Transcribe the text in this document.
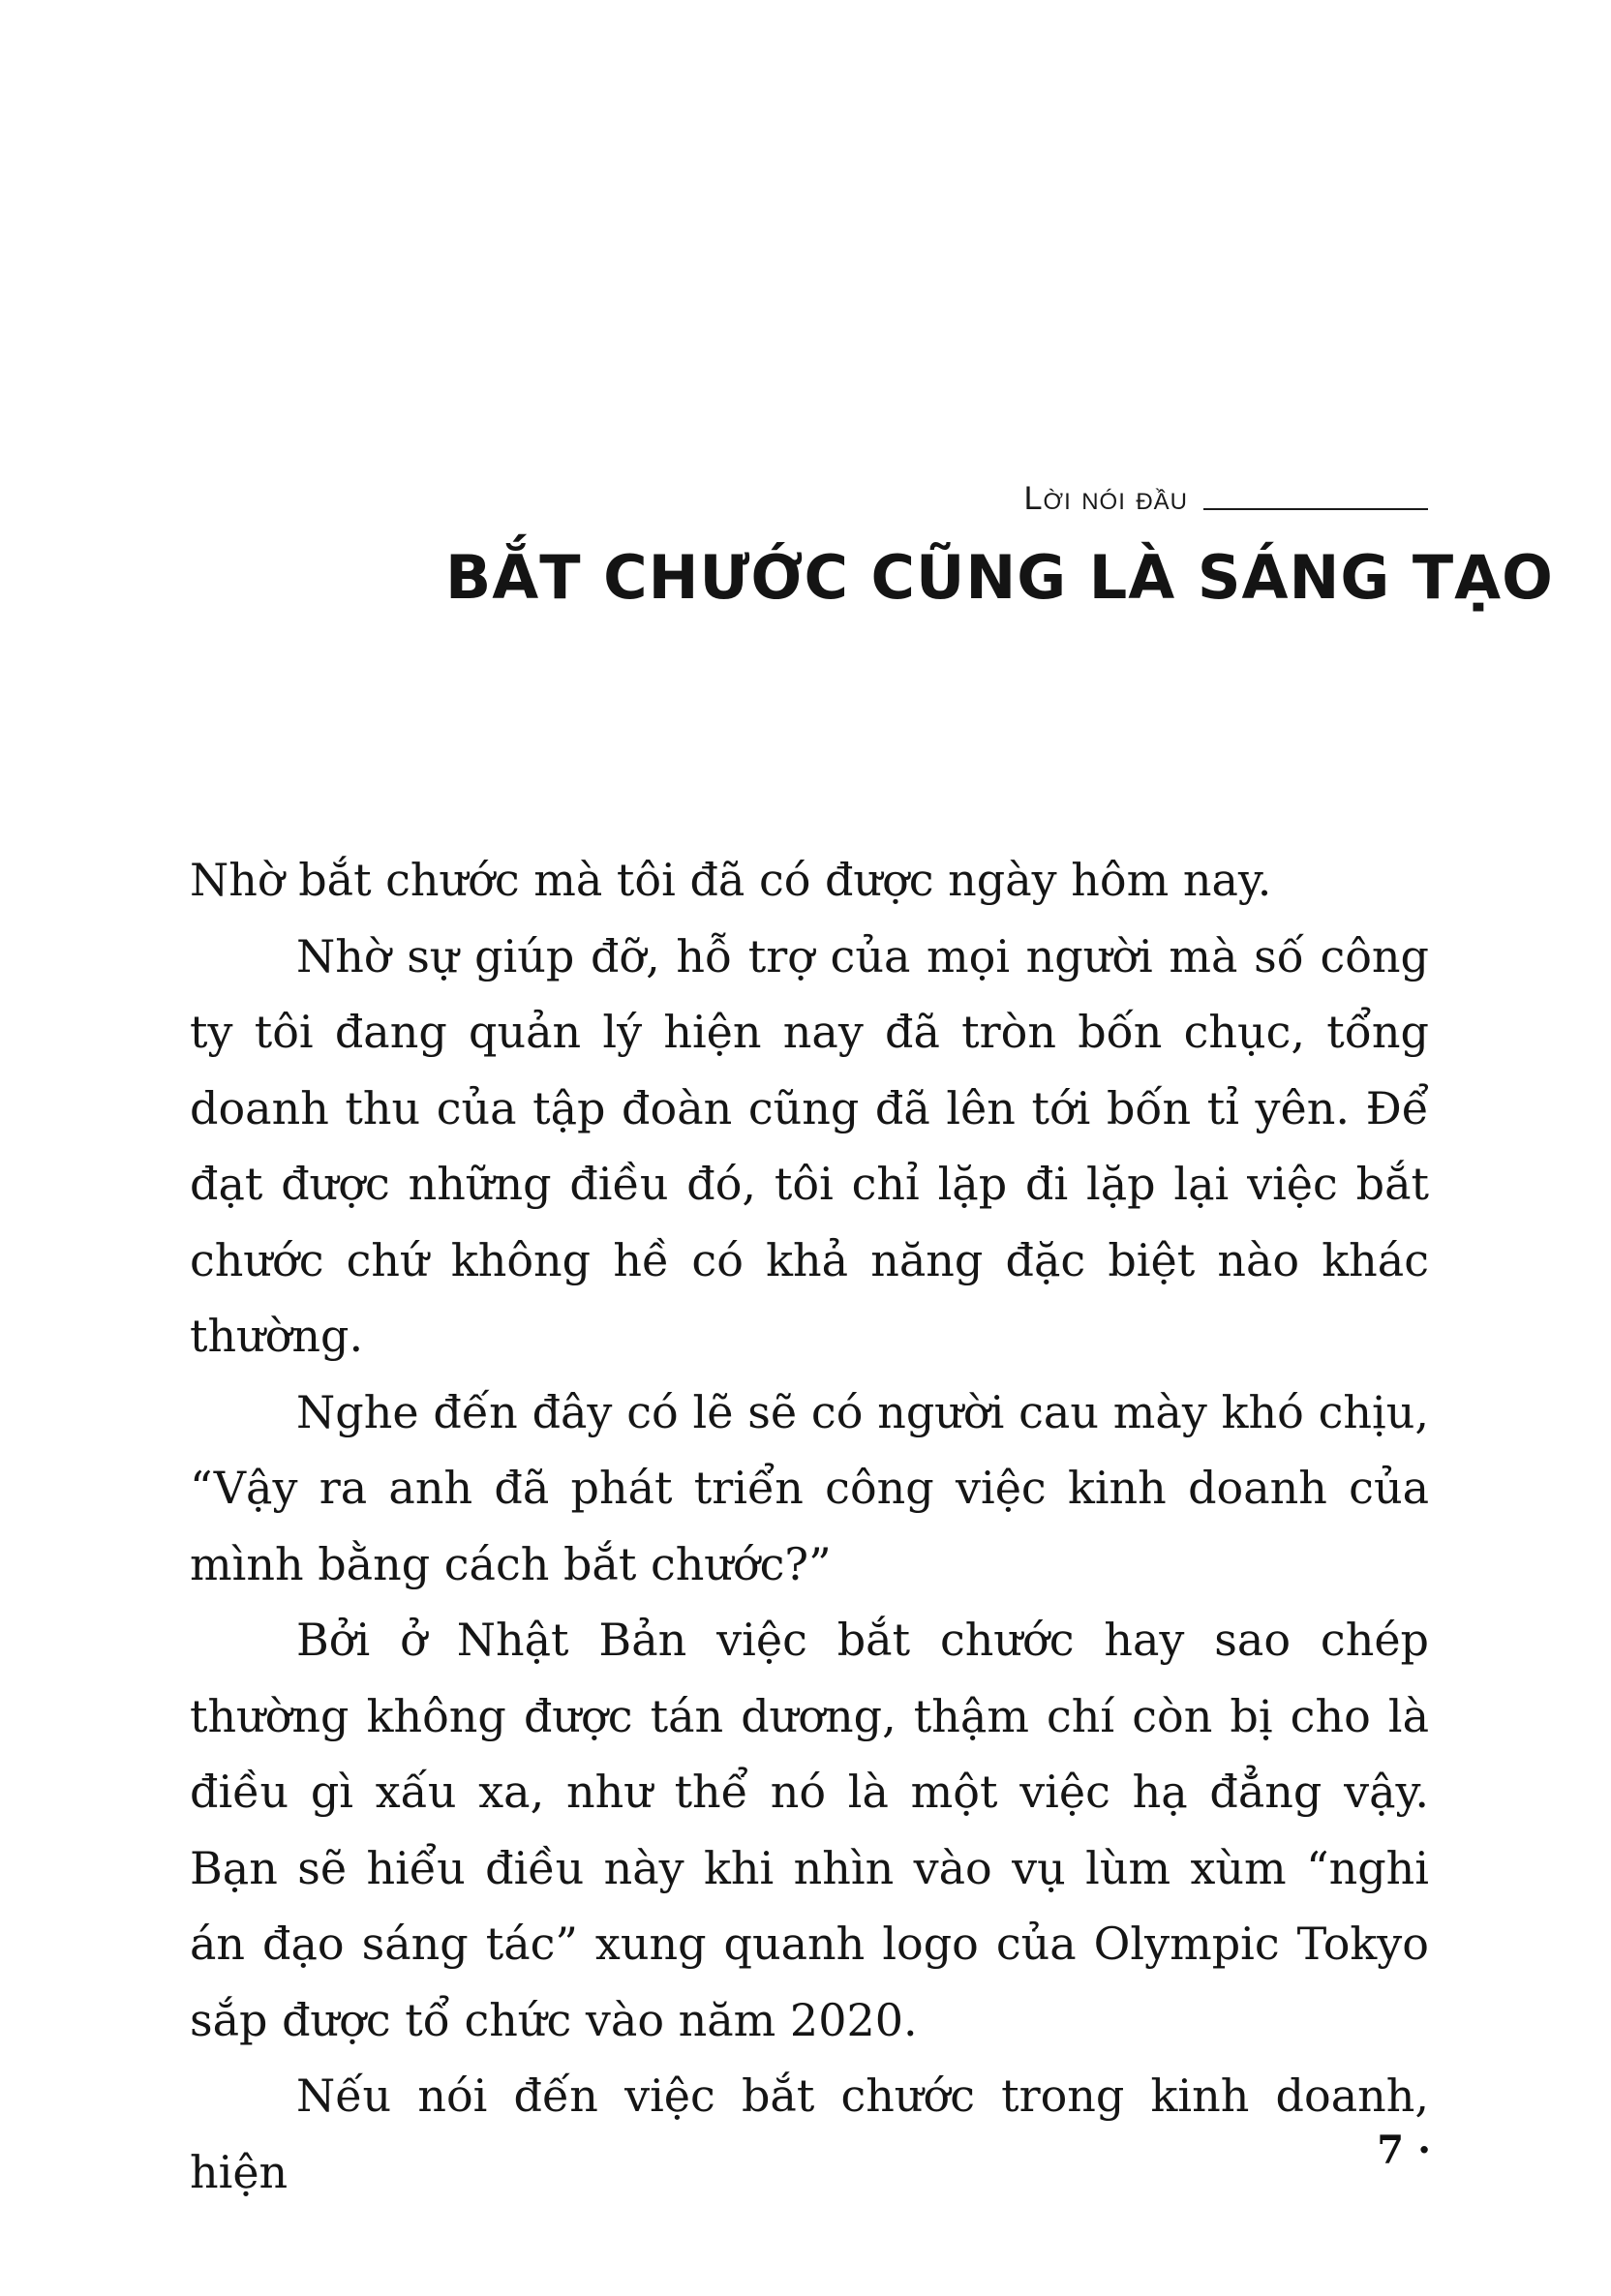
Lời nói đầu
BẮT CHƯỚC CŨNG LÀ SÁNG TẠO

Nhờ bắt chước mà tôi đã có được ngày hôm nay.

Nhờ sự giúp đỡ, hỗ trợ của mọi người mà số công ty tôi đang quản lý hiện nay đã tròn bốn chục, tổng doanh thu của tập đoàn cũng đã lên tới bốn tỉ yên. Để đạt được những điều đó, tôi chỉ lặp đi lặp lại việc bắt chước chứ không hề có khả năng đặc biệt nào khác thường.

Nghe đến đây có lẽ sẽ có người cau mày khó chịu, “Vậy ra anh đã phát triển công việc kinh doanh của mình bằng cách bắt chước?”

Bởi ở Nhật Bản việc bắt chước hay sao chép thường không được tán dương, thậm chí còn bị cho là điều gì xấu xa, như thể nó là một việc hạ đẳng vậy. Bạn sẽ hiểu điều này khi nhìn vào vụ lùm xùm “nghi án đạo sáng tác” xung quanh logo của Olympic Tokyo sắp được tổ chức vào năm 2020.

Nếu nói đến việc bắt chước trong kinh doanh, hiện	7 ·
